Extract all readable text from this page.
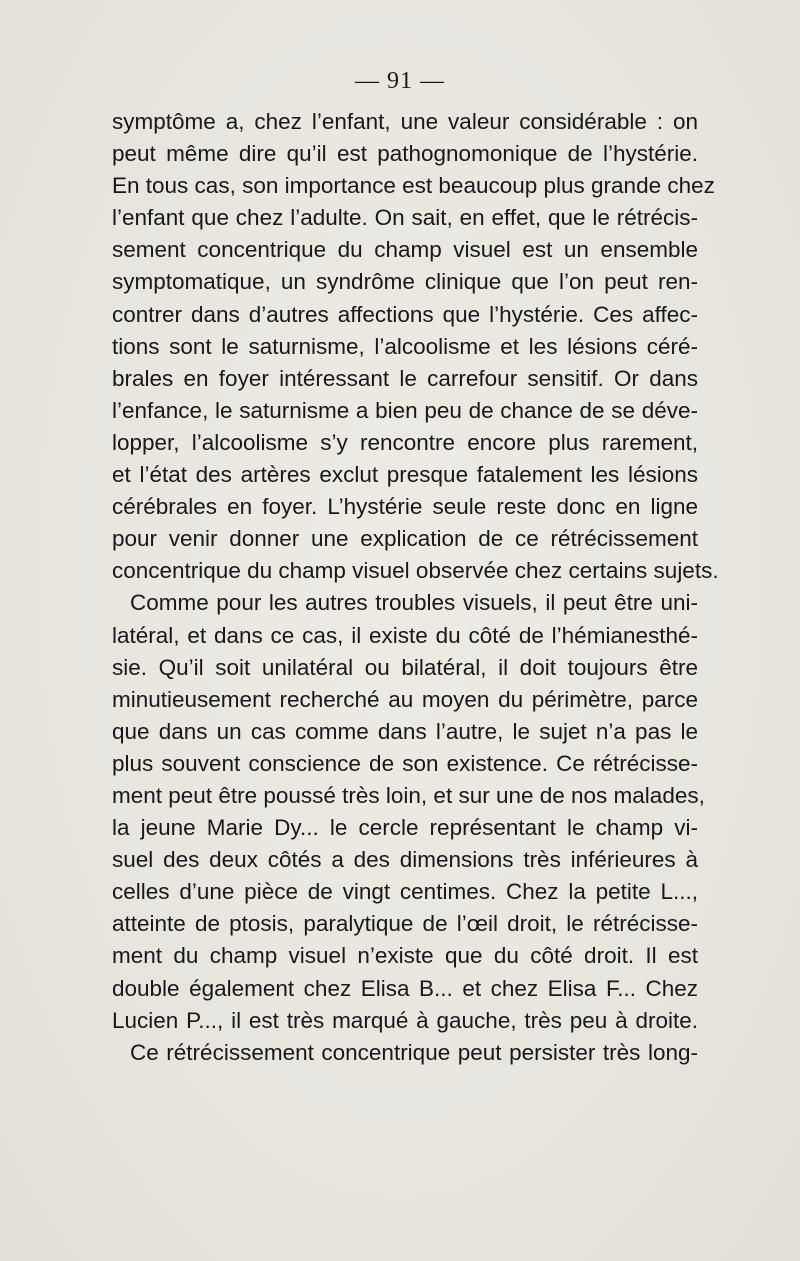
— 91 —
symptôme a, chez l’enfant, une valeur considérable : on
peut même dire qu’il est pathognomonique de l’hystérie.
En tous cas, son importance est beaucoup plus grande chez
l’enfant que chez l’adulte. On sait, en effet, que le rétrécis-
sement concentrique du champ visuel est un ensemble
symptomatique, un syndrôme clinique que l’on peut ren-
contrer dans d’autres affections que l’hystérie. Ces affec-
tions sont le saturnisme, l’alcoolisme et les lésions céré-
brales en foyer intéressant le carrefour sensitif. Or dans
l’enfance, le saturnisme a bien peu de chance de se déve-
lopper, l’alcoolisme s’y rencontre encore plus rarement,
et l’état des artères exclut presque fatalement les lésions
cérébrales en foyer. L’hystérie seule reste donc en ligne
pour venir donner une explication de ce rétrécissement
concentrique du champ visuel observée chez certains sujets.
Comme pour les autres troubles visuels, il peut être uni-
latéral, et dans ce cas, il existe du côté de l’hémianesthé-
sie. Qu’il soit unilatéral ou bilatéral, il doit toujours être
minutieusement recherché au moyen du périmètre, parce
que dans un cas comme dans l’autre, le sujet n’a pas le
plus souvent conscience de son existence. Ce rétrécisse-
ment peut être poussé très loin, et sur une de nos malades,
la jeune Marie Dy... le cercle représentant le champ vi-
suel des deux côtés a des dimensions très inférieures à
celles d’une pièce de vingt centimes. Chez la petite L...,
atteinte de ptosis, paralytique de l’œil droit, le rétrécisse-
ment du champ visuel n’existe que du côté droit. Il est
double également chez Elisa B... et chez Elisa F... Chez
Lucien P..., il est très marqué à gauche, très peu à droite.
Ce rétrécissement concentrique peut persister très long-
